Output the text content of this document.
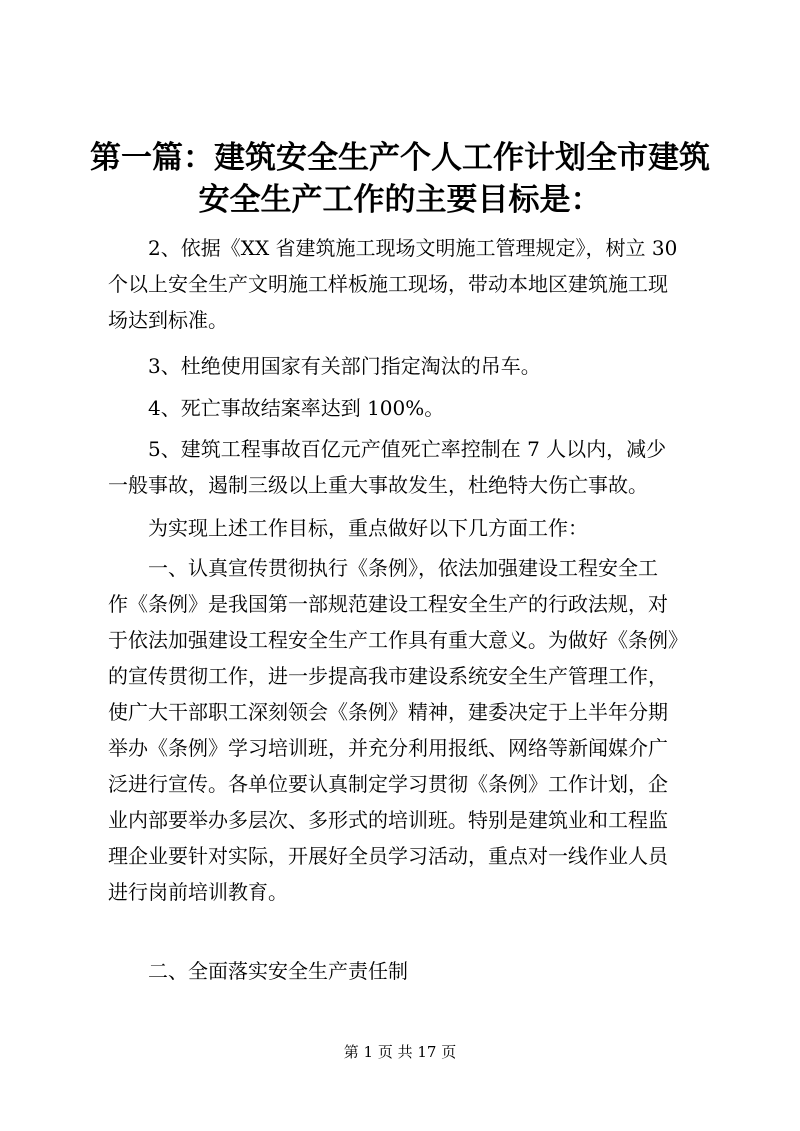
第一篇：建筑安全生产个人工作计划全市建筑
安全生产工作的主要目标是：

2、依据《XX 省建筑施工现场文明施工管理规定》，树立 30
个以上安全生产文明施工样板施工现场，带动本地区建筑施工现
场达到标准。

3、杜绝使用国家有关部门指定淘汰的吊车。

4、死亡事故结案率达到 100%。

5、建筑工程事故百亿元产值死亡率控制在 7 人以内，减少
一般事故，遏制三级以上重大事故发生，杜绝特大伤亡事故。

为实现上述工作目标，重点做好以下几方面工作：

一、认真宣传贯彻执行《条例》，依法加强建设工程安全工
作《条例》是我国第一部规范建设工程安全生产的行政法规，对
于依法加强建设工程安全生产工作具有重大意义。为做好《条例》
的宣传贯彻工作，进一步提高我市建设系统安全生产管理工作，
使广大干部职工深刻领会《条例》精神，建委决定于上半年分期
举办《条例》学习培训班，并充分利用报纸、网络等新闻媒介广
泛进行宣传。各单位要认真制定学习贯彻《条例》工作计划，企
业内部要举办多层次、多形式的培训班。特别是建筑业和工程监
理企业要针对实际，开展好全员学习活动，重点对一线作业人员
进行岗前培训教育。

二、全面落实安全生产责任制

第 1 页 共 17 页
